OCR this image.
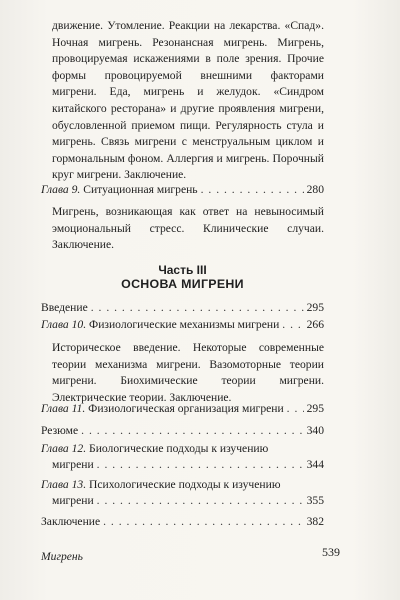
движение. Утомление. Реакции на лекарства. «Спад». Ночная мигрень. Резонансная мигрень. Мигрень, провоцируемая искажениями в поле зрения. Прочие формы провоцируемой внешними факторами мигрени. Еда, мигрень и желудок. «Синдром китайского ресторана» и другие проявления мигрени, обусловленной приемом пищи. Регулярность стула и мигрень. Связь мигрени с менструальным циклом и гормональным фоном. Аллергия и мигрень. Порочный круг мигрени. Заключение.
Глава 9. Ситуационная мигрень . . .	280
Мигрень, возникающая как ответ на невыносимый эмоциональный стресс. Клинические случаи. Заключение.
Часть III
ОСНОВА МИГРЕНИ
Введение . . .	295
Глава 10. Физиологические механизмы мигрени . . . 266
Историческое введение. Некоторые современные теории механизма мигрени. Вазомоторные теории мигрени. Биохимические теории мигрени. Электрические теории. Заключение.
Глава 11. Физиологическая организация мигрени . . . 295
Резюме . . .	340
Глава 12. Биологические подходы к изучению
мигрени . . .	344
Глава 13. Психологические подходы к изучению
мигрени . . .	355
Заключение . . .	382
Мигрень	539
